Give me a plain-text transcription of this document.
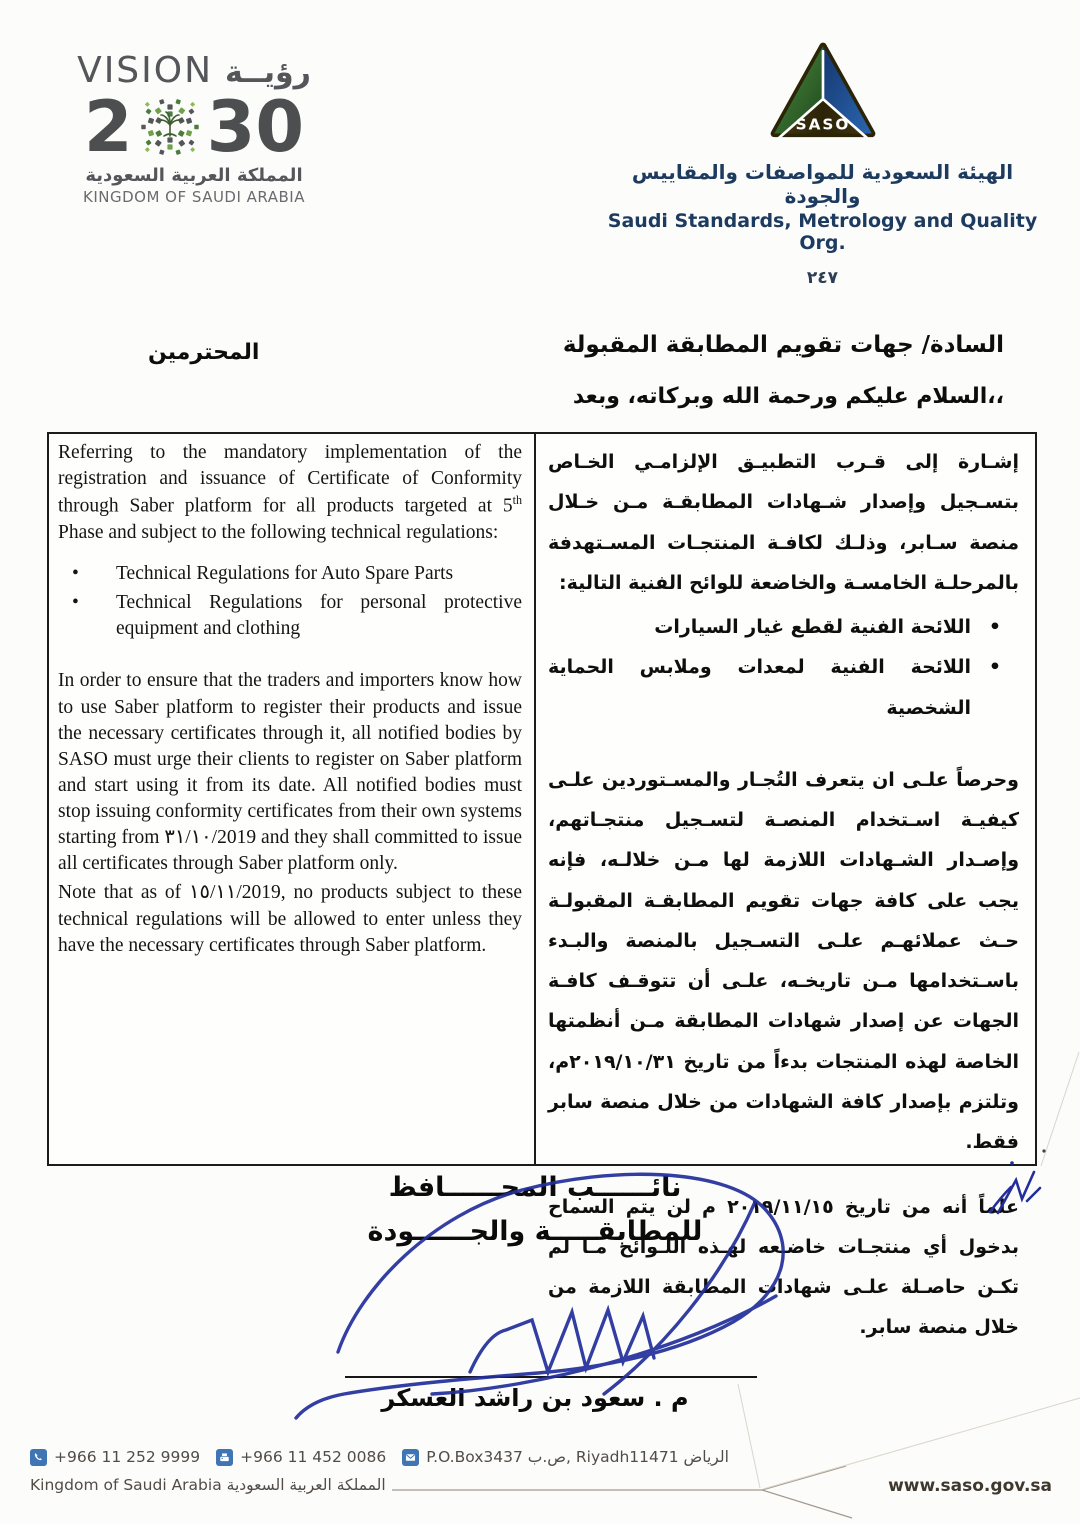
VISION رؤيــة
2 30
المملكة العربية السعودية
KINGDOM OF SAUDI ARABIA
SASO
الهيئة السعودية للمواصفات والمقاييس والجودة
Saudi Standards, Metrology and Quality Org.
٢٤٧
السادة/ جهات تقويم المطابقة المقبولة
المحترمين
السلام عليكم ورحمة الله وبركاته، وبعد،،

Referring to the mandatory implementation of the registration and issuance of Certificate of Conformity through Saber platform for all products targeted at 5th Phase and subject to the following technical regulations:

•	Technical Regulations for Auto Spare Parts
•	Technical Regulations for personal protective equipment and clothing

In order to ensure that the traders and importers know how to use Saber platform to register their products and issue the necessary certificates through it, all notified bodies by SASO must urge their clients to register on Saber platform and start using it from its date. All notified bodies must stop issuing conformity certificates from their own systems starting from ٣١/١٠/2019 and they shall committed to issue all certificates through Saber platform only.

Note that as of ١٥/١١/2019, no products subject to these technical regulations will be allowed to enter unless they have the necessary certificates through Saber platform.

إشـارة إلى قـرب التطبيـق الإلزامـي الخـاص بتسـجيل وإصدار شـهادات المطابقـة مـن خـلال منصة سـابر، وذلـك لكافـة المنتجـات المسـتهدفة بالمرحلـة الخامسـة والخاضعة للوائح الفنية التالية:

•
اللائحة الفنية لقطع غيار السيارات
•
اللائحة الفنية لمعدات وملابس الحماية الشخصية

وحرصاً علـى ان يتعرف التُجـار والمسـتوردين علـى كيفيـة اسـتخدام المنصـة لتسـجيل منتجـاتهم، وإصـدار الشـهادات اللازمة لها مـن خلالـه، فإنه يجب على كافة جهات تقويم المطابقـة المقبولـة حـث عملائهـم علـى التسـجيل بالمنصة والبـدء باسـتخدامها مـن تاريخـه، علـى أن تتوقـف كافـة الجهات عن إصدار شهادات المطابقة مـن أنظمتها الخاصة لهذه المنتجات بدءاً من تاريخ ٢٠١٩/١٠/٣١م، وتلتزم بإصدار كافة الشهادات من خلال منصة سابر فقط.

علماً أنه من تاريخ ٢٠١٩/١١/١٥ م لن يتم السماح بدخول أي منتجـات خاضـعه لهـذه اللـوائح مـا لم تكـن حاصـلة علـى شهادات المطابقة اللازمة من خلال منصة سابر.

نائــــــب المحــــــافظ
للمطابقـــــة والجــــــودة
م . سعود بن راشد العسكر
+966 11 252 9999	+966 11 452 0086	P.O.Box3437 ص.ب, Riyadh11471 الرياض
Kingdom of Saudi Arabia المملكة العربية السعودية	www.saso.gov.sa
